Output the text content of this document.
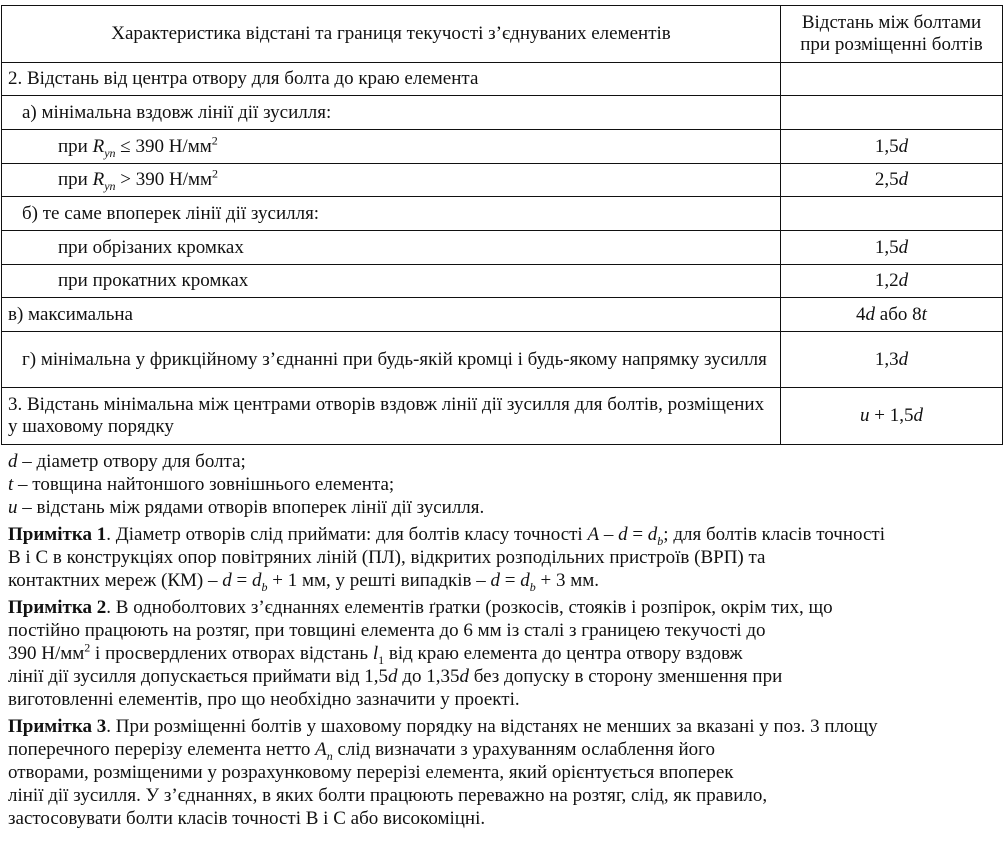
Характеристика відстані та границя текучості з’єднуваних елементів	Відстань між болтами при розміщенні болтів
2. Відстань від центра отвору для болта до краю елемента	
а) мінімальна вздовж лінії дії зусилля:	
при $R_{yn} \le 390$ $Н/мм^2$	1,5d
при $R_{yn} > 390$ $Н/мм^2$	2,5d
б) те саме впоперек лінії дії зусилля:	
при обрізаних кромках	1,5d
при прокатних кромках	1,2d
в) максимальна	4d або 8t
г) мінімальна у фрикційному з’єднанні при будь-якій кромці і будь-якому напрямку зусилля	1,3d
3. Відстань мінімальна між центрами отворів вздовж лінії дії зусилля для болтів, розміщених у шаховому порядку	u + 1,5d
d – діаметр отвору для болта;
t – товщина найтоншого зовнішнього елемента;
u – відстань між рядами отворів впоперек лінії дії зусилля.
Примітка 1. Діаметр отворів слід приймати: для болтів класу точності $A - d = d_b$; для болтів класів точності
В і С в конструкціях опор повітряних ліній (ПЛ), відкритих розподільних пристроїв (ВРП) та
контактних мереж $(КМ) - d = d_b + 1$ мм, у решті випадків – $d = d_b + 3$ мм.
Примітка 2. В одноболтових з’єднаннях елементів ґратки (розкосів, стояків і розпірок, окрім тих, що
постійно працюють на розтяг, при товщині елемента до 6 мм із сталі з границею текучості до
390 $Н/мм^2$ і просвердлених отворах відстань $l_1$ від краю елемента до центра отвору вздовж
лінії дії зусилля допускається приймати від 1,5d до 1,35d без допуску в сторону зменшення при
виготовленні елементів, про що необхідно зазначити у проекті.
Примітка 3. При розміщенні болтів у шаховому порядку на відстанях не менших за вказані у поз. 3 площу
поперечного перерізу елемента нетто $A_n$ слід визначати з урахуванням ослаблення його
отворами, розміщеними у розрахунковому перерізі елемента, який орієнтується впоперек
лінії дії зусилля. У з’єднаннях, в яких болти працюють переважно на розтяг, слід, як правило,
застосовувати болти класів точності В і С або високоміцні.
